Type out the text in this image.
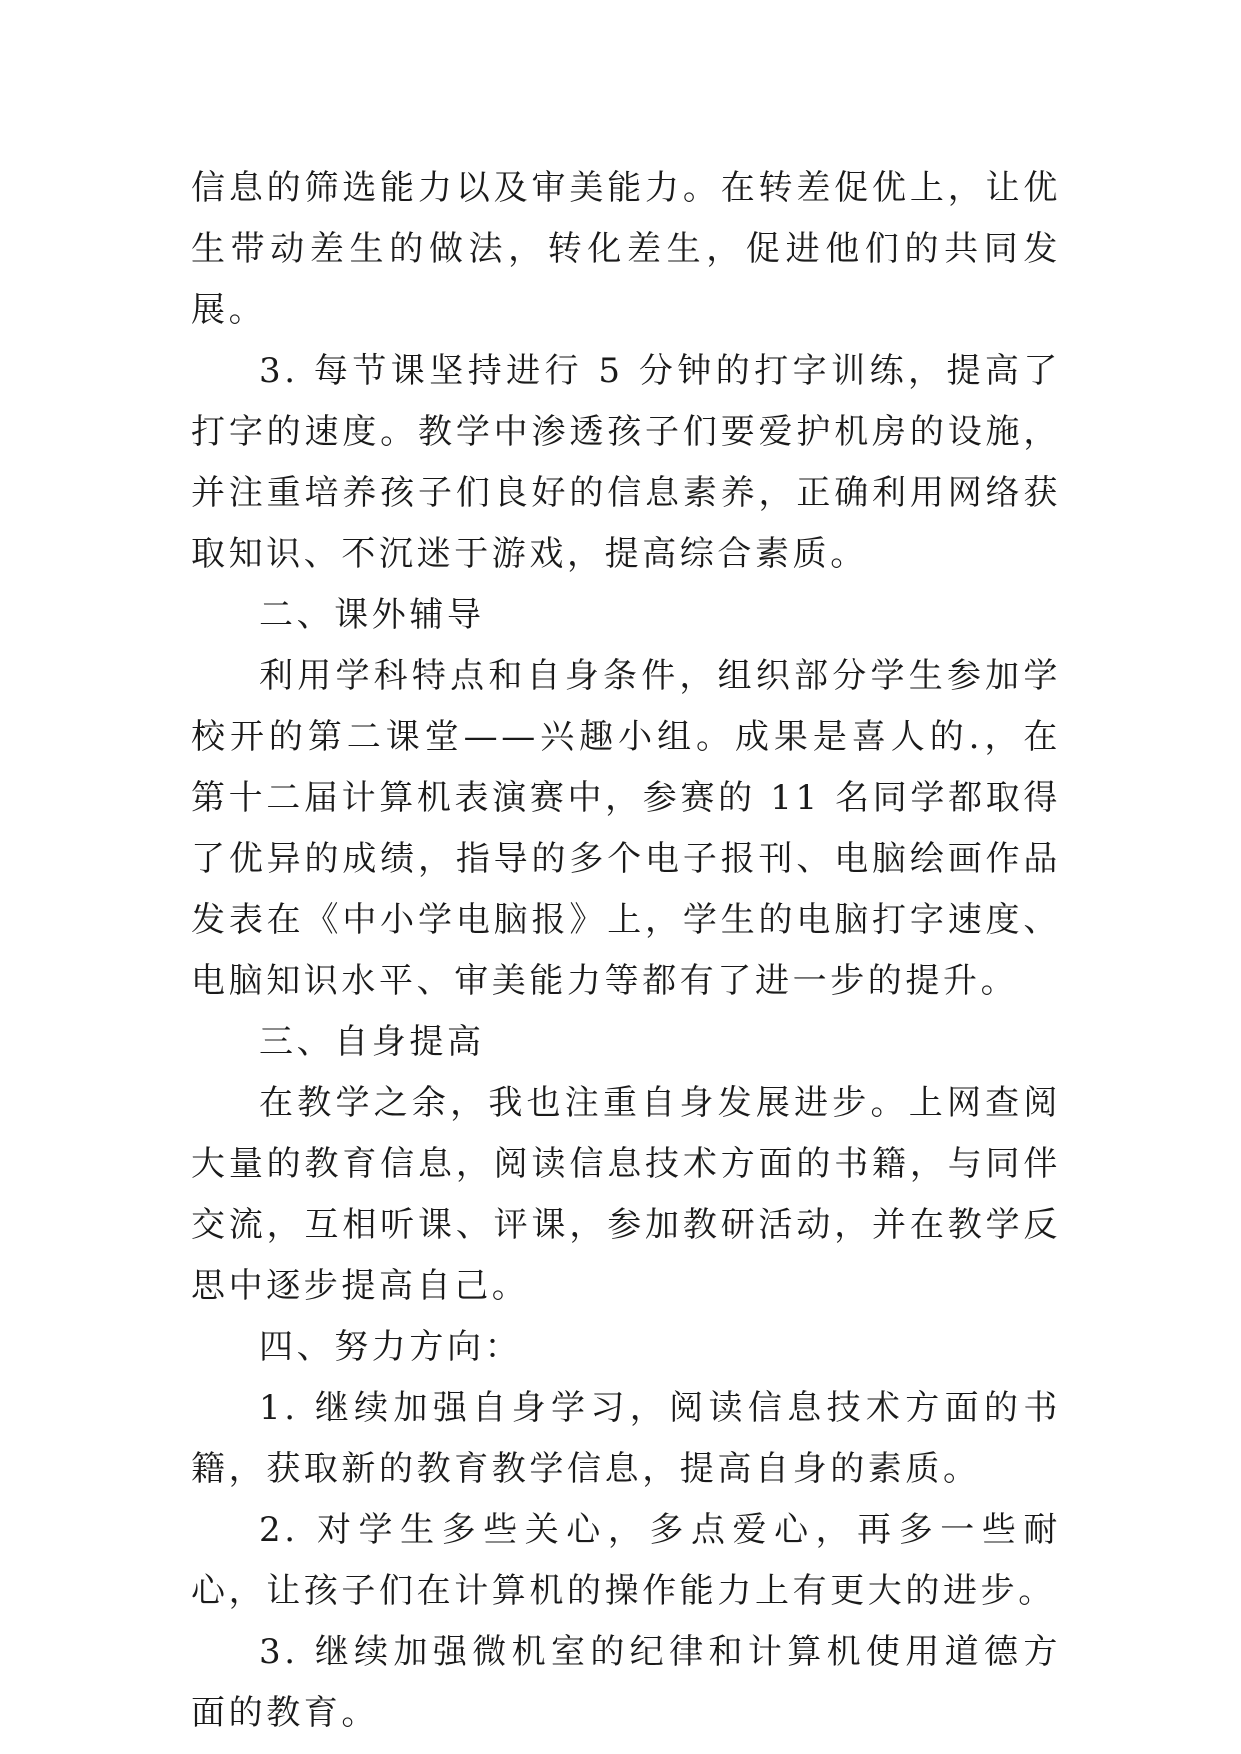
信息的筛选能力以及审美能力。在转差促优上，让优生带动差生的做法，转化差生，促进他们的共同发展。

3. 每节课坚持进行 5 分钟的打字训练，提高了打字的速度。教学中渗透孩子们要爱护机房的设施，并注重培养孩子们良好的信息素养，正确利用网络获取知识、不沉迷于游戏，提高综合素质。

二、课外辅导

利用学科特点和自身条件，组织部分学生参加学校开的第二课堂——兴趣小组。成果是喜人的.，在第十二届计算机表演赛中，参赛的 11 名同学都取得了优异的成绩，指导的多个电子报刊、电脑绘画作品发表在《中小学电脑报》上，学生的电脑打字速度、电脑知识水平、审美能力等都有了进一步的提升。

三、自身提高

在教学之余，我也注重自身发展进步。上网查阅大量的教育信息，阅读信息技术方面的书籍，与同伴交流，互相听课、评课，参加教研活动，并在教学反思中逐步提高自己。

四、努力方向：

1. 继续加强自身学习，阅读信息技术方面的书籍，获取新的教育教学信息，提高自身的素质。

2. 对学生多些关心，多点爱心，再多一些耐心，让孩子们在计算机的操作能力上有更大的进步。

3. 继续加强微机室的纪律和计算机使用道德方面的教育。
